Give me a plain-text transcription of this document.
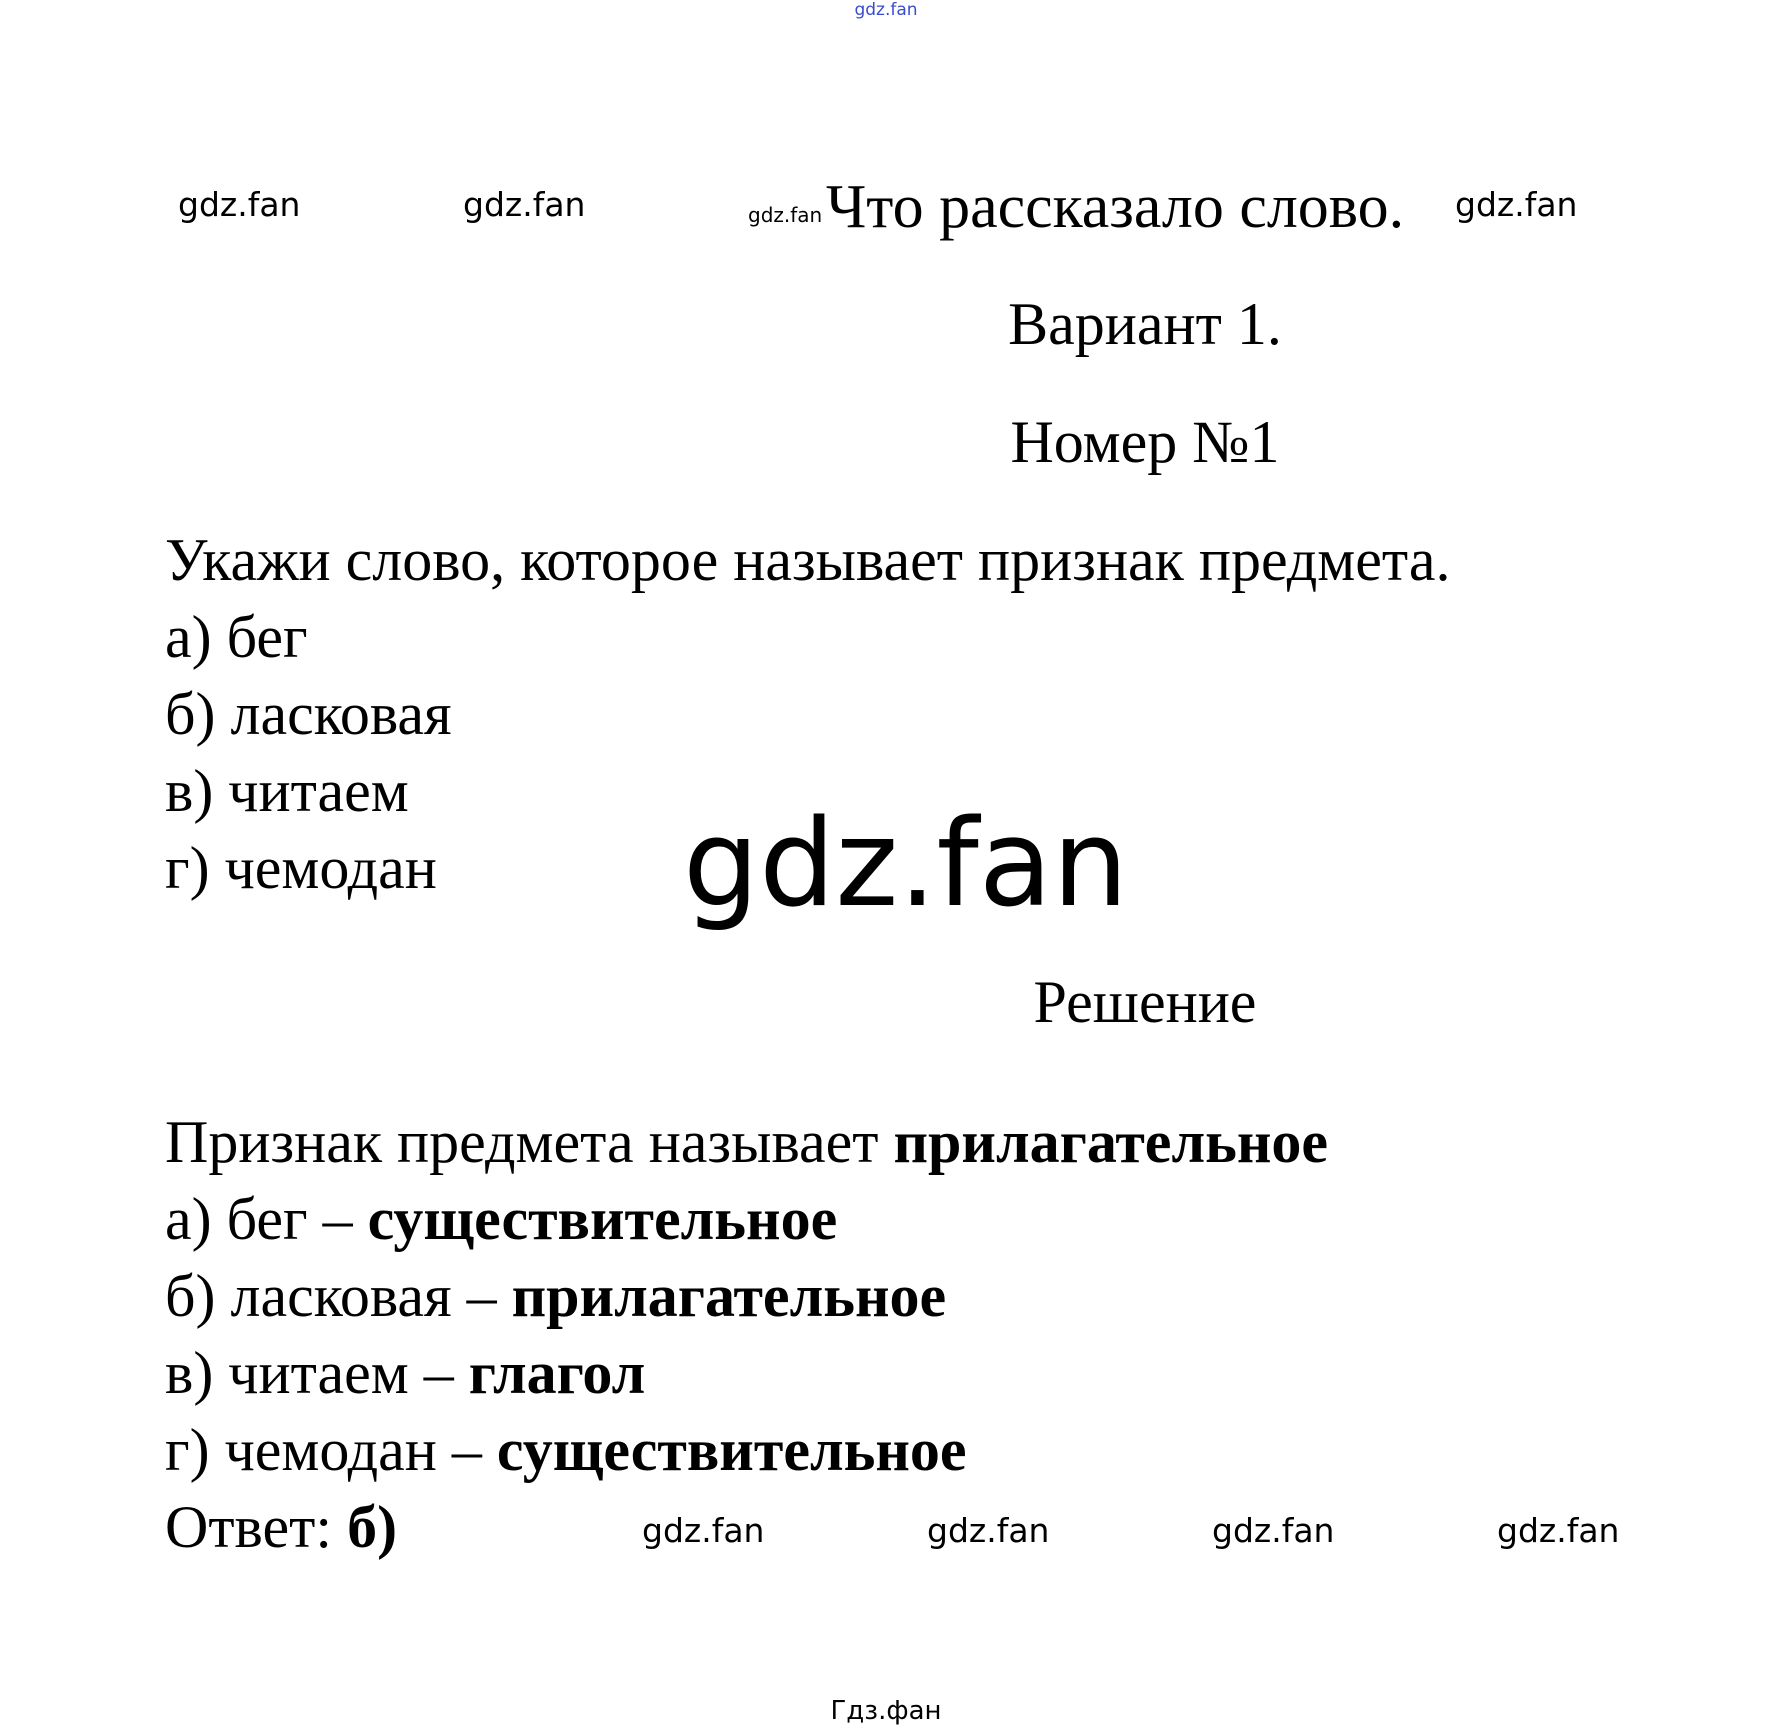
gdz.fan
gdz.fan	gdz.fan	gdz.fan	gdz.fan
Что рассказало слово.
Вариант 1.
Номер №1
Укажи слово, которое называет признак предмета.
а) бег
б) ласковая
в) читаем
г) чемодан gdz.fan
Решение
Признак предмета называет прилагательное
а) бег – существительное
б) ласковая – прилагательное
в) читаем – глагол
г) чемодан – существительное
Ответ: б)	gdz.fan	gdz.fan	gdz.fan	gdz.fan
Гдз.фан
